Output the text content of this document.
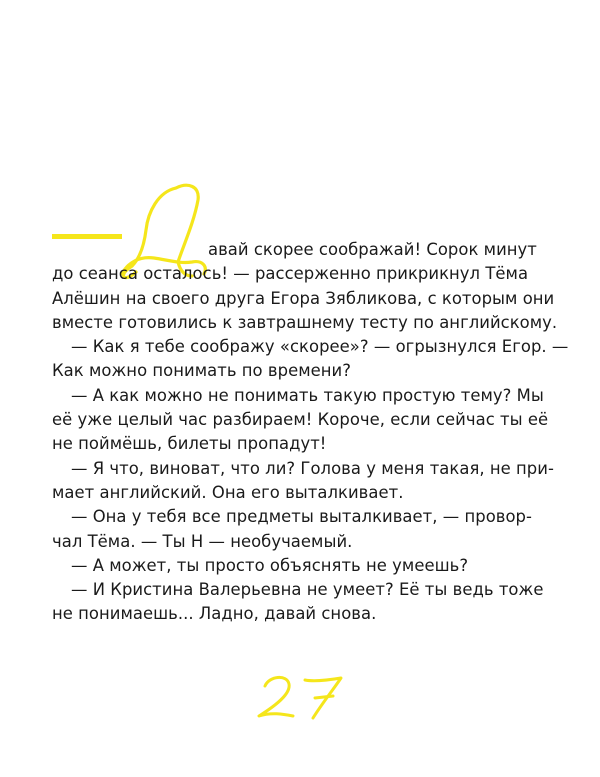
авай скорее соображай! Сорок минут
до сеанса осталось! — рассерженно прикрикнул Тёма
Алёшин на своего друга Егора Зябликова, с которым они
вместе готовились к завтрашнему тесту по английскому.
— Как я тебе соображу «скорее»? — огрызнулся Егор. —
Как можно понимать по времени?
— А как можно не понимать такую простую тему? Мы
её уже целый час разбираем! Короче, если сейчас ты её
не поймёшь, билеты пропадут!
— Я что, виноват, что ли? Голова у меня такая, не при-
мает английский. Она его выталкивает.
— Она у тебя все предметы выталкивает, — провор-
чал Тёма. — Ты Н — необучаемый.
— А может, ты просто объяснять не умеешь?
— И Кристина Валерьевна не умеет? Её ты ведь тоже
не понимаешь... Ладно, давай снова.
